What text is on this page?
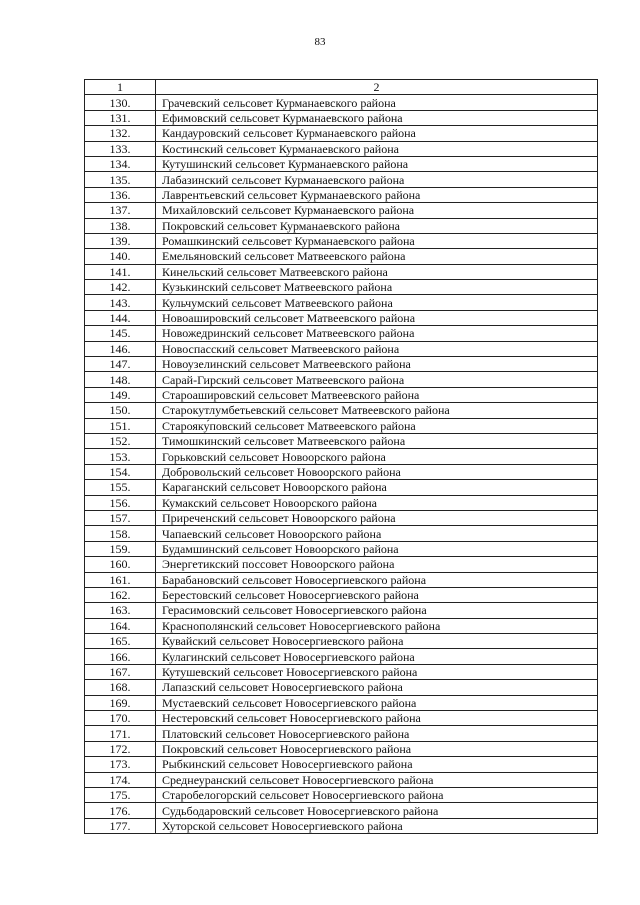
83
1	2
130.	Грачевский сельсовет Курманаевского района
131.	Ефимовский сельсовет Курманаевского района
132.	Кандауровский сельсовет Курманаевского района
133.	Костинский сельсовет Курманаевского района
134.	Кутушинский сельсовет Курманаевского района
135.	Лабазинский сельсовет Курманаевского района
136.	Лаврентьевский сельсовет Курманаевского района
137.	Михайловский сельсовет Курманаевского района
138.	Покровский сельсовет Курманаевского района
139.	Ромашкинский сельсовет Курманаевского района
140.	Емельяновский сельсовет Матвеевского района
141.	Кинельский сельсовет Матвеевского района
142.	Кузькинский сельсовет Матвеевского района
143.	Кульчумский сельсовет Матвеевского района
144.	Новоашировский сельсовет Матвеевского района
145.	Новожедринский сельсовет Матвеевского района
146.	Новоспасский сельсовет Матвеевского района
147.	Новоузелинский сельсовет Матвеевского района
148.	Сарай-Гирский сельсовет Матвеевского района
149.	Староашировский сельсовет Матвеевского района
150.	Старокутлумбетьевский сельсовет Матвеевского района
151.	Старояку́повский сельсовет Матвеевского района
152.	Тимошкинский сельсовет Матвеевского района
153.	Горьковский сельсовет Новоорского района
154.	Добровольский сельсовет Новоорского района
155.	Караганский сельсовет Новоорского района
156.	Кумакский сельсовет Новоорского района
157.	Приреченский сельсовет Новоорского района
158.	Чапаевский сельсовет Новоорского района
159.	Будамшинский сельсовет Новоорского района
160.	Энергетикский поссовет Новоорского района
161.	Барабановский сельсовет Новосергиевского района
162.	Берестовский сельсовет Новосергиевского района
163.	Герасимовский сельсовет Новосергиевского района
164.	Краснополянский сельсовет Новосергиевского района
165.	Кувайский сельсовет Новосергиевского района
166.	Кулагинский сельсовет Новосергиевского района
167.	Кутушевский сельсовет Новосергиевского района
168.	Лапазский сельсовет Новосергиевского района
169.	Мустаевский сельсовет Новосергиевского района
170.	Нестеровский сельсовет Новосергиевского района
171.	Платовский сельсовет Новосергиевского района
172.	Покровский сельсовет Новосергиевского района
173.	Рыбкинский сельсовет Новосергиевского района
174.	Среднеуранский сельсовет Новосергиевского района
175.	Старобелогорский сельсовет Новосергиевского района
176.	Судьбодаровский сельсовет Новосергиевского района
177.	Хуторской сельсовет Новосергиевского района
